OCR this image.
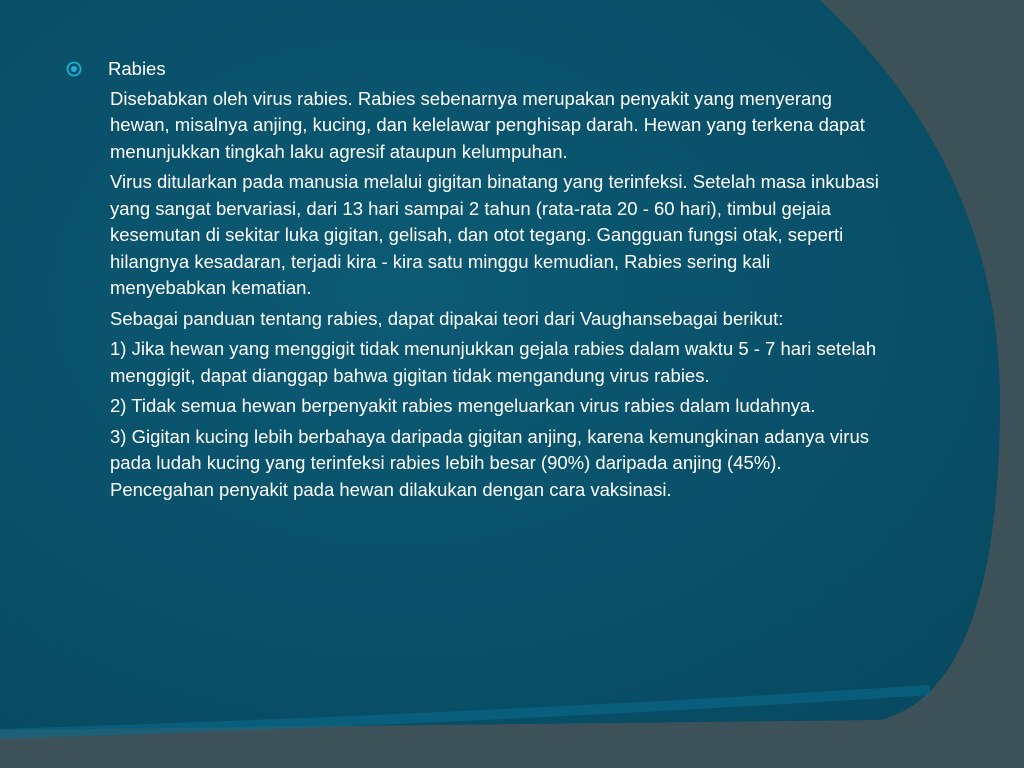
Rabies

Disebabkan oleh virus rabies. Rabies sebenarnya merupakan penyakit yang menyerang hewan, misalnya anjing, kucing, dan kelelawar penghisap darah. Hewan yang terkena dapat menunjukkan tingkah laku agresif ataupun kelumpuhan.

Virus ditularkan pada manusia melalui gigitan binatang yang terinfeksi. Setelah masa inkubasi yang sangat bervariasi, dari 13 hari sampai 2 tahun (rata-rata 20 - 60 hari), timbul gejaia kesemutan di sekitar luka gigitan, gelisah, dan otot tegang. Gangguan fungsi otak, seperti hilangnya kesadaran, terjadi kira - kira satu minggu kemudian, Rabies sering kali menyebabkan kematian.

Sebagai panduan tentang rabies, dapat dipakai teori dari Vaughansebagai berikut:

1) Jika hewan yang menggigit tidak menunjukkan gejala rabies dalam waktu 5 - 7 hari setelah menggigit, dapat dianggap bahwa gigitan tidak mengandung virus rabies.

2) Tidak semua hewan berpenyakit rabies mengeluarkan virus rabies dalam ludahnya.

3) Gigitan kucing lebih berbahaya daripada gigitan anjing, karena kemungkinan adanya virus pada ludah kucing yang terinfeksi rabies lebih besar (90%) daripada anjing (45%). Pencegahan penyakit pada hewan dilakukan dengan cara vaksinasi.
